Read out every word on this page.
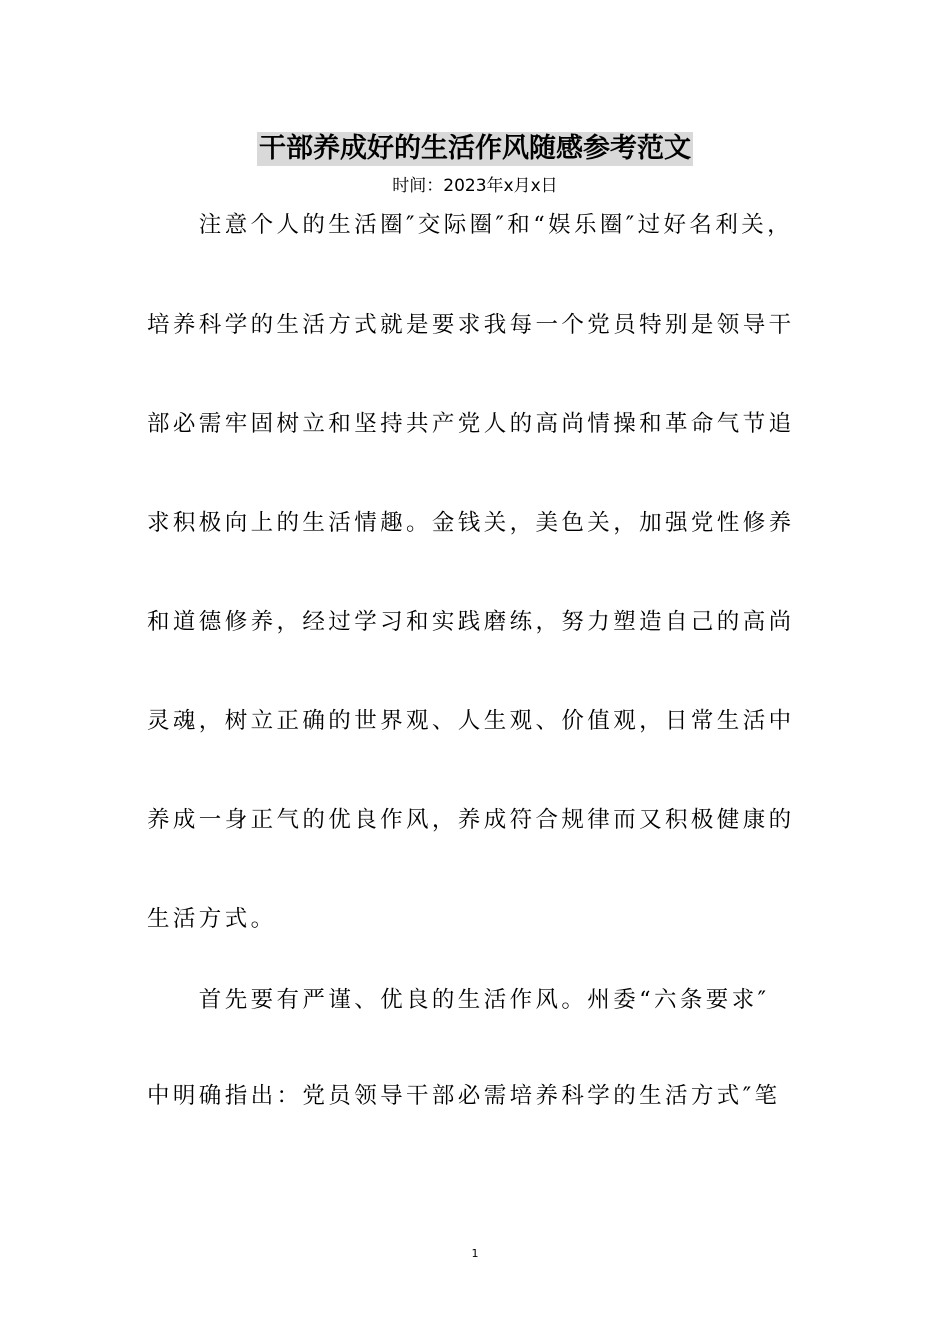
干部养成好的生活作风随感参考范文
时间：2023年x月x日
　　注意个人的生活圈″交际圈″和“娱乐圈″过好名利关，
培养科学的生活方式就是要求我每一个党员特别是领导干
部必需牢固树立和坚持共产党人的高尚情操和革命气节追
求积极向上的生活情趣。金钱关，美色关，加强党性修养
和道德修养，经过学习和实践磨练，努力塑造自己的高尚
灵魂，树立正确的世界观、人生观、价值观，日常生活中
养成一身正气的优良作风，养成符合规律而又积极健康的
生活方式。
　　首先要有严谨、优良的生活作风。州委“六条要求″
中明确指出：党员领导干部必需培养科学的生活方式″笔
1
